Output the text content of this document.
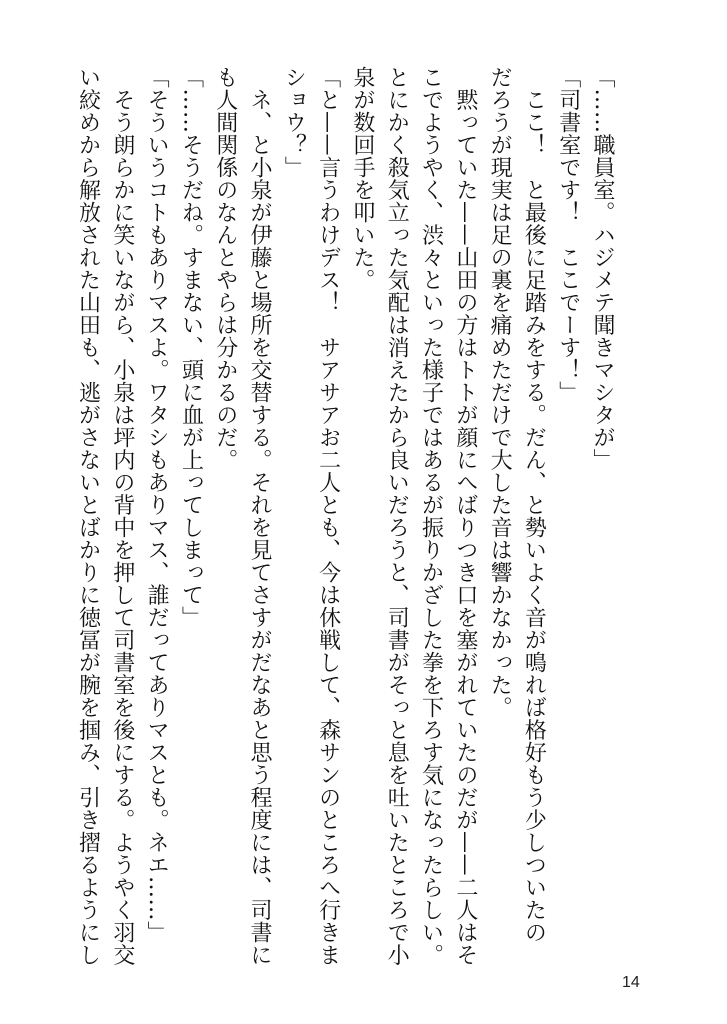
「……職員室。ハジメテ聞きマシタが」
「司書室です！　ここでーす！」
　ここ！　と最後に足踏みをする。だん、と勢いよく音が鳴れば格好もう少しついたの
だろうが現実は足の裏を痛めただけで大した音は響かなかった。
　黙っていた——山田の方はトトが顔にへばりつき口を塞がれていたのだが——二人はそ
こでようやく、渋々といった様子ではあるが振りかざした拳を下ろす気になったらしい。
とにかく殺気立った気配は消えたから良いだろうと、司書がそっと息を吐いたところで小
泉が数回手を叩いた。
「と——言うわけデス！　サアサアお二人とも、今は休戦して、森サンのところへ行きま
ショウ？」
　ネ、と小泉が伊藤と場所を交替する。それを見てさすがだなあと思う程度には、司書に
も人間関係のなんとやらは分かるのだ。
「……そうだね。すまない、頭に血が上ってしまって」
「そういうコトもありマスよ。ワタシもありマス、誰だってありマスとも。ネエ……」
　そう朗らかに笑いながら、小泉は坪内の背中を押して司書室を後にする。ようやく羽交
い絞めから解放された山田も、逃がさないとばかりに徳冨が腕を掴み、引き摺るようにし
14
